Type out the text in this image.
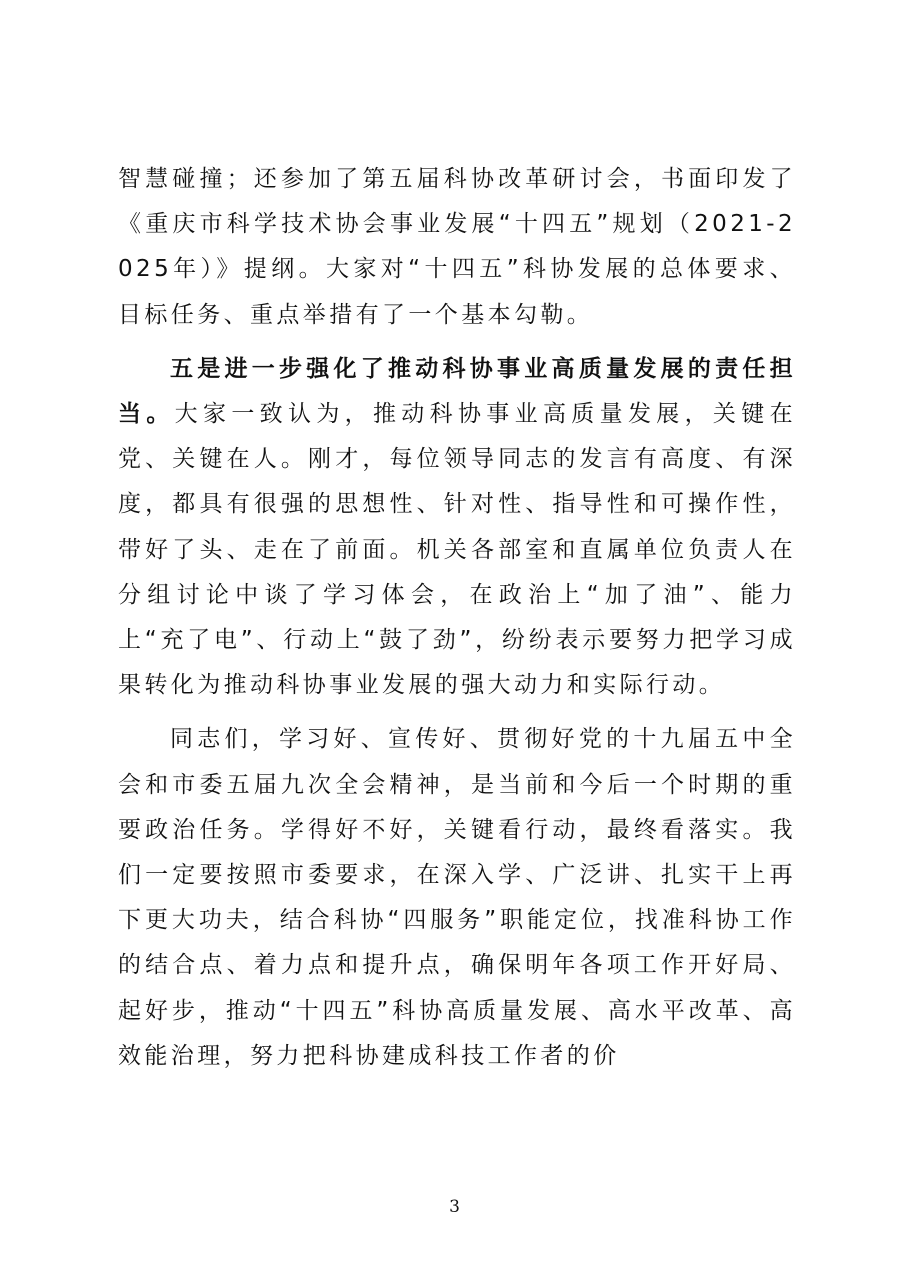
智慧碰撞；还参加了第五届科协改革研讨会，书面印发了《重庆市科学技术协会事业发展“十四五”规划（2021-2025年）》提纲。大家对“十四五”科协发展的总体要求、目标任务、重点举措有了一个基本勾勒。

五是进一步强化了推动科协事业高质量发展的责任担当。大家一致认为，推动科协事业高质量发展，关键在党、关键在人。刚才，每位领导同志的发言有高度、有深度，都具有很强的思想性、针对性、指导性和可操作性，带好了头、走在了前面。机关各部室和直属单位负责人在分组讨论中谈了学习体会，在政治上“加了油”、能力上“充了电”、行动上“鼓了劲”，纷纷表示要努力把学习成果转化为推动科协事业发展的强大动力和实际行动。

同志们，学习好、宣传好、贯彻好党的十九届五中全会和市委五届九次全会精神，是当前和今后一个时期的重要政治任务。学得好不好，关键看行动，最终看落实。我们一定要按照市委要求，在深入学、广泛讲、扎实干上再下更大功夫，结合科协“四服务”职能定位，找准科协工作的结合点、着力点和提升点，确保明年各项工作开好局、起好步，推动“十四五”科协高质量发展、高水平改革、高效能治理，努力把科协建成科技工作者的价

3
